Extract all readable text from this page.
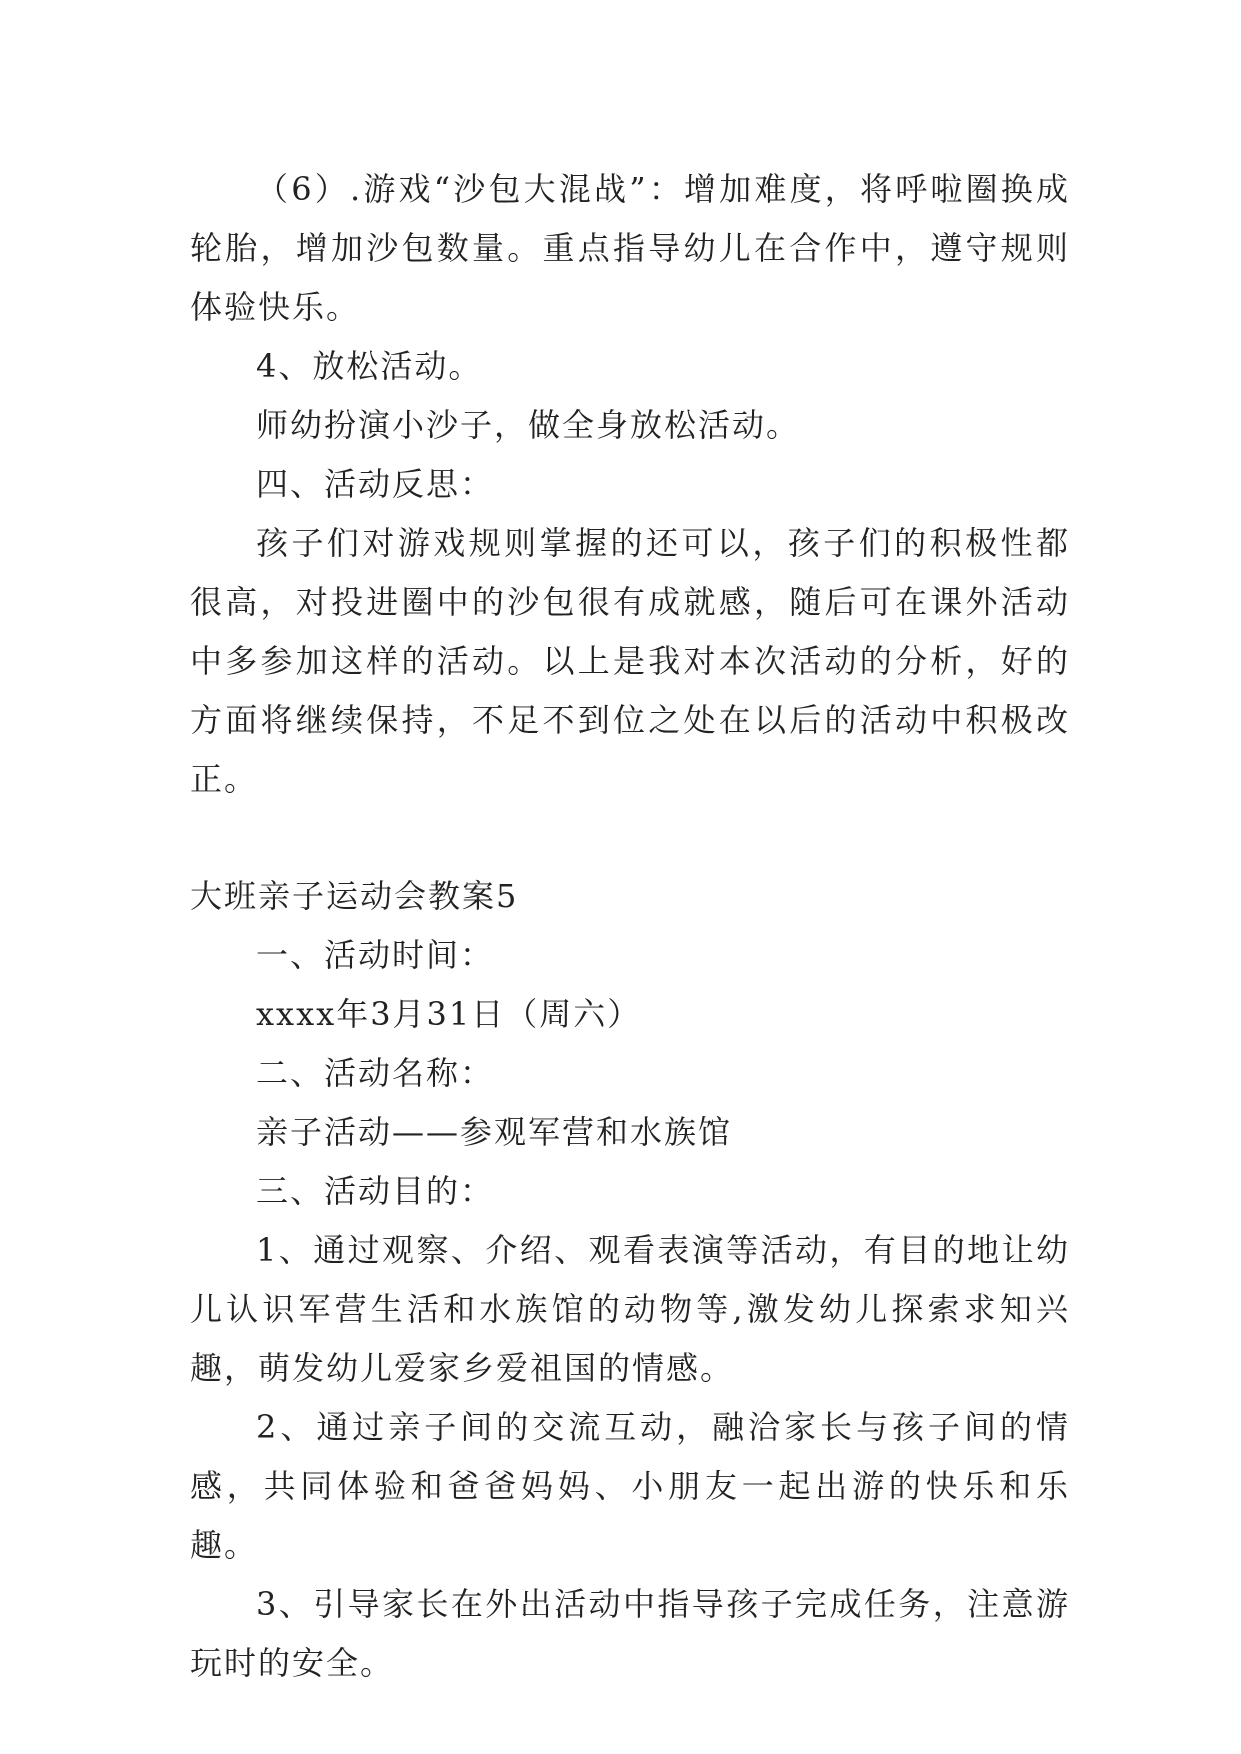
（6）.游戏“沙包大混战”：增加难度，将呼啦圈换成轮胎，增加沙包数量。重点指导幼儿在合作中，遵守规则体验快乐。

4、放松活动。

师幼扮演小沙子，做全身放松活动。

四、活动反思：

孩子们对游戏规则掌握的还可以，孩子们的积极性都很高，对投进圈中的沙包很有成就感，随后可在课外活动中多参加这样的活动。以上是我对本次活动的分析，好的方面将继续保持，不足不到位之处在以后的活动中积极改正。

大班亲子运动会教案5

一、活动时间：

xxxx年3月31日（周六）

二、活动名称：

亲子活动——参观军营和水族馆

三、活动目的：

1、通过观察、介绍、观看表演等活动，有目的地让幼儿认识军营生活和水族馆的动物等,激发幼儿探索求知兴趣，萌发幼儿爱家乡爱祖国的情感。

2、通过亲子间的交流互动，融洽家长与孩子间的情感，共同体验和爸爸妈妈、小朋友一起出游的快乐和乐趣。

3、引导家长在外出活动中指导孩子完成任务，注意游玩时的安全。
